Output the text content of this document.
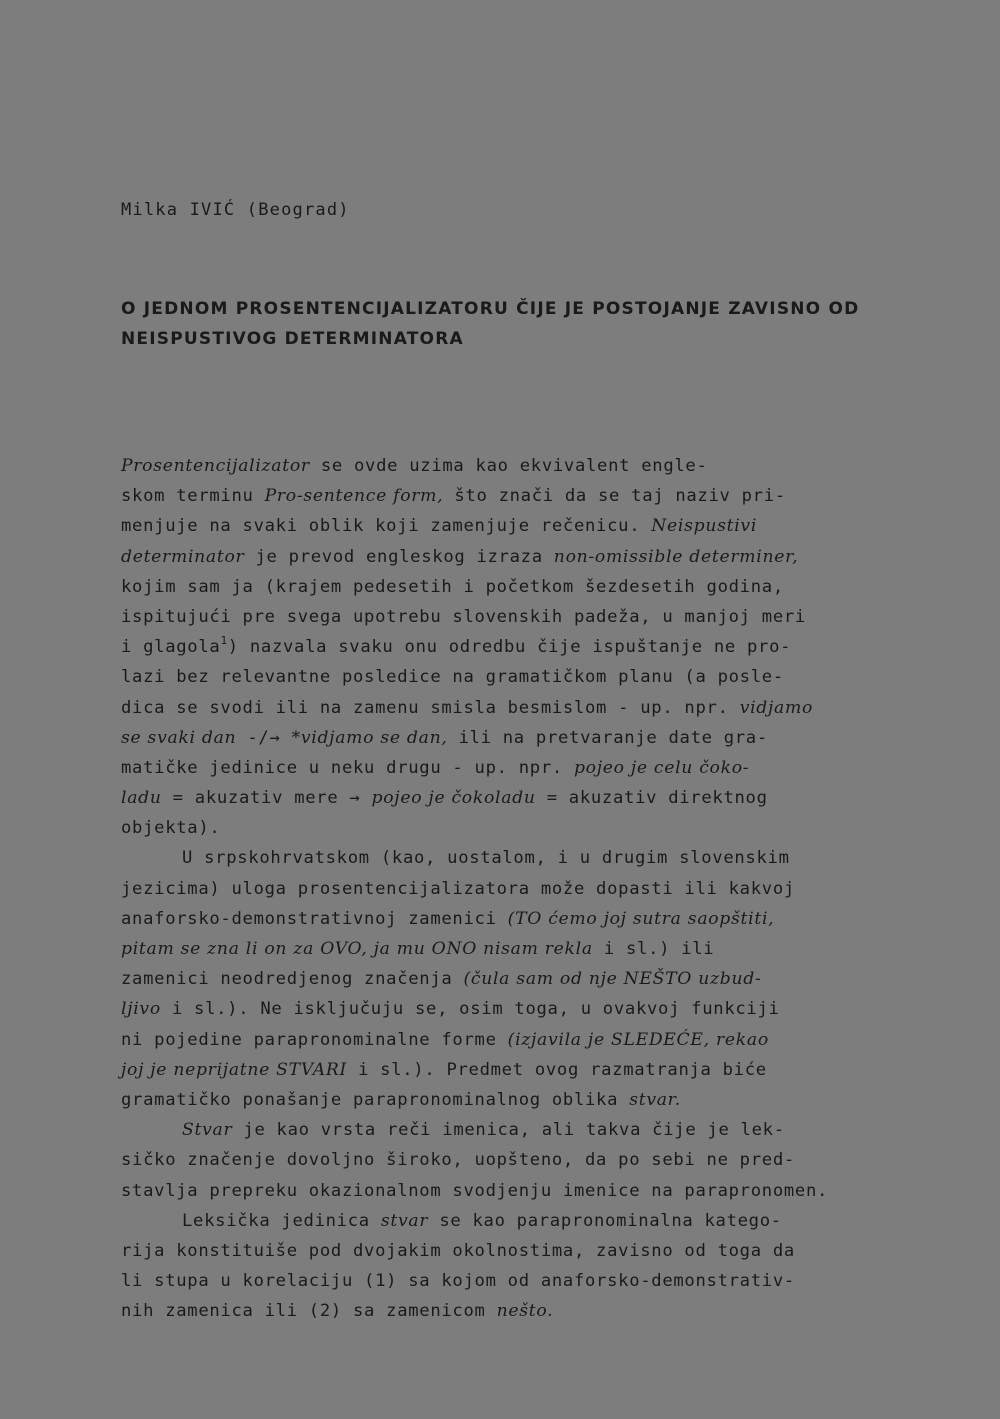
Milka IVIĆ (Beograd)

O JEDNOM PROSENTENCIJALIZATORU ČIJE JE POSTOJANJE ZAVISNO OD
NEISPUSTIVOG DETERMINATORA
Prosentencijalizator se ovde uzima kao ekvivalent engle-
skom terminu Pro-sentence form, što znači da se taj naziv pri-
menjuje na svaki oblik koji zamenjuje rečenicu. Neispustivi
determinator je prevod engleskog izraza non-omissible determiner,
kojim sam ja (krajem pedesetih i početkom šezdesetih godina,
ispitujući pre svega upotrebu slovenskih padeža, u manjoj meri
i glagola$^1$) nazvala svaku onu odredbu čije ispuštanje ne pro-
lazi bez relevantne posledice na gramatičkom planu (a posle-
dica se svodi ili na zamenu smisla besmislom - up. npr. vidjamo
se svaki dan -/→ *vidjamo se dan, ili na pretvaranje date gra-
matičke jedinice u neku drugu - up. npr. pojeo je celu čoko-
ladu = akuzativ mere → pojeo je čokoladu = akuzativ direktnog
objekta).
U srpskohrvatskom (kao, uostalom, i u drugim slovenskim
jezicima) uloga prosentencijalizatora može dopasti ili kakvoj
anaforsko-demonstrativnoj zamenici (TO ćemo joj sutra saopštiti,
pitam se zna li on za OVO, ja mu ONO nisam rekla i sl.) ili
zamenici neodredjenog značenja (čula sam od nje NEŠTO uzbud-
ljivo i sl.). Ne isključuju se, osim toga, u ovakvoj funkciji
ni pojedine parapronominalne forme (izjavila je SLEDEĆE, rekao
joj je neprijatne STVARI i sl.). Predmet ovog razmatranja biće
gramatičko ponašanje parapronominalnog oblika stvar.
Stvar je kao vrsta reči imenica, ali takva čije je lek-
sičko značenje dovoljno široko, uopšteno, da po sebi ne pred-
stavlja prepreku okazionalnom svodjenju imenice na parapronomen.
Leksička jedinica stvar se kao parapronominalna katego-
rija konstituiše pod dvojakim okolnostima, zavisno od toga da
li stupa u korelaciju (1) sa kojom od anaforsko-demonstrativ-
nih zamenica ili (2) sa zamenicom nešto.
